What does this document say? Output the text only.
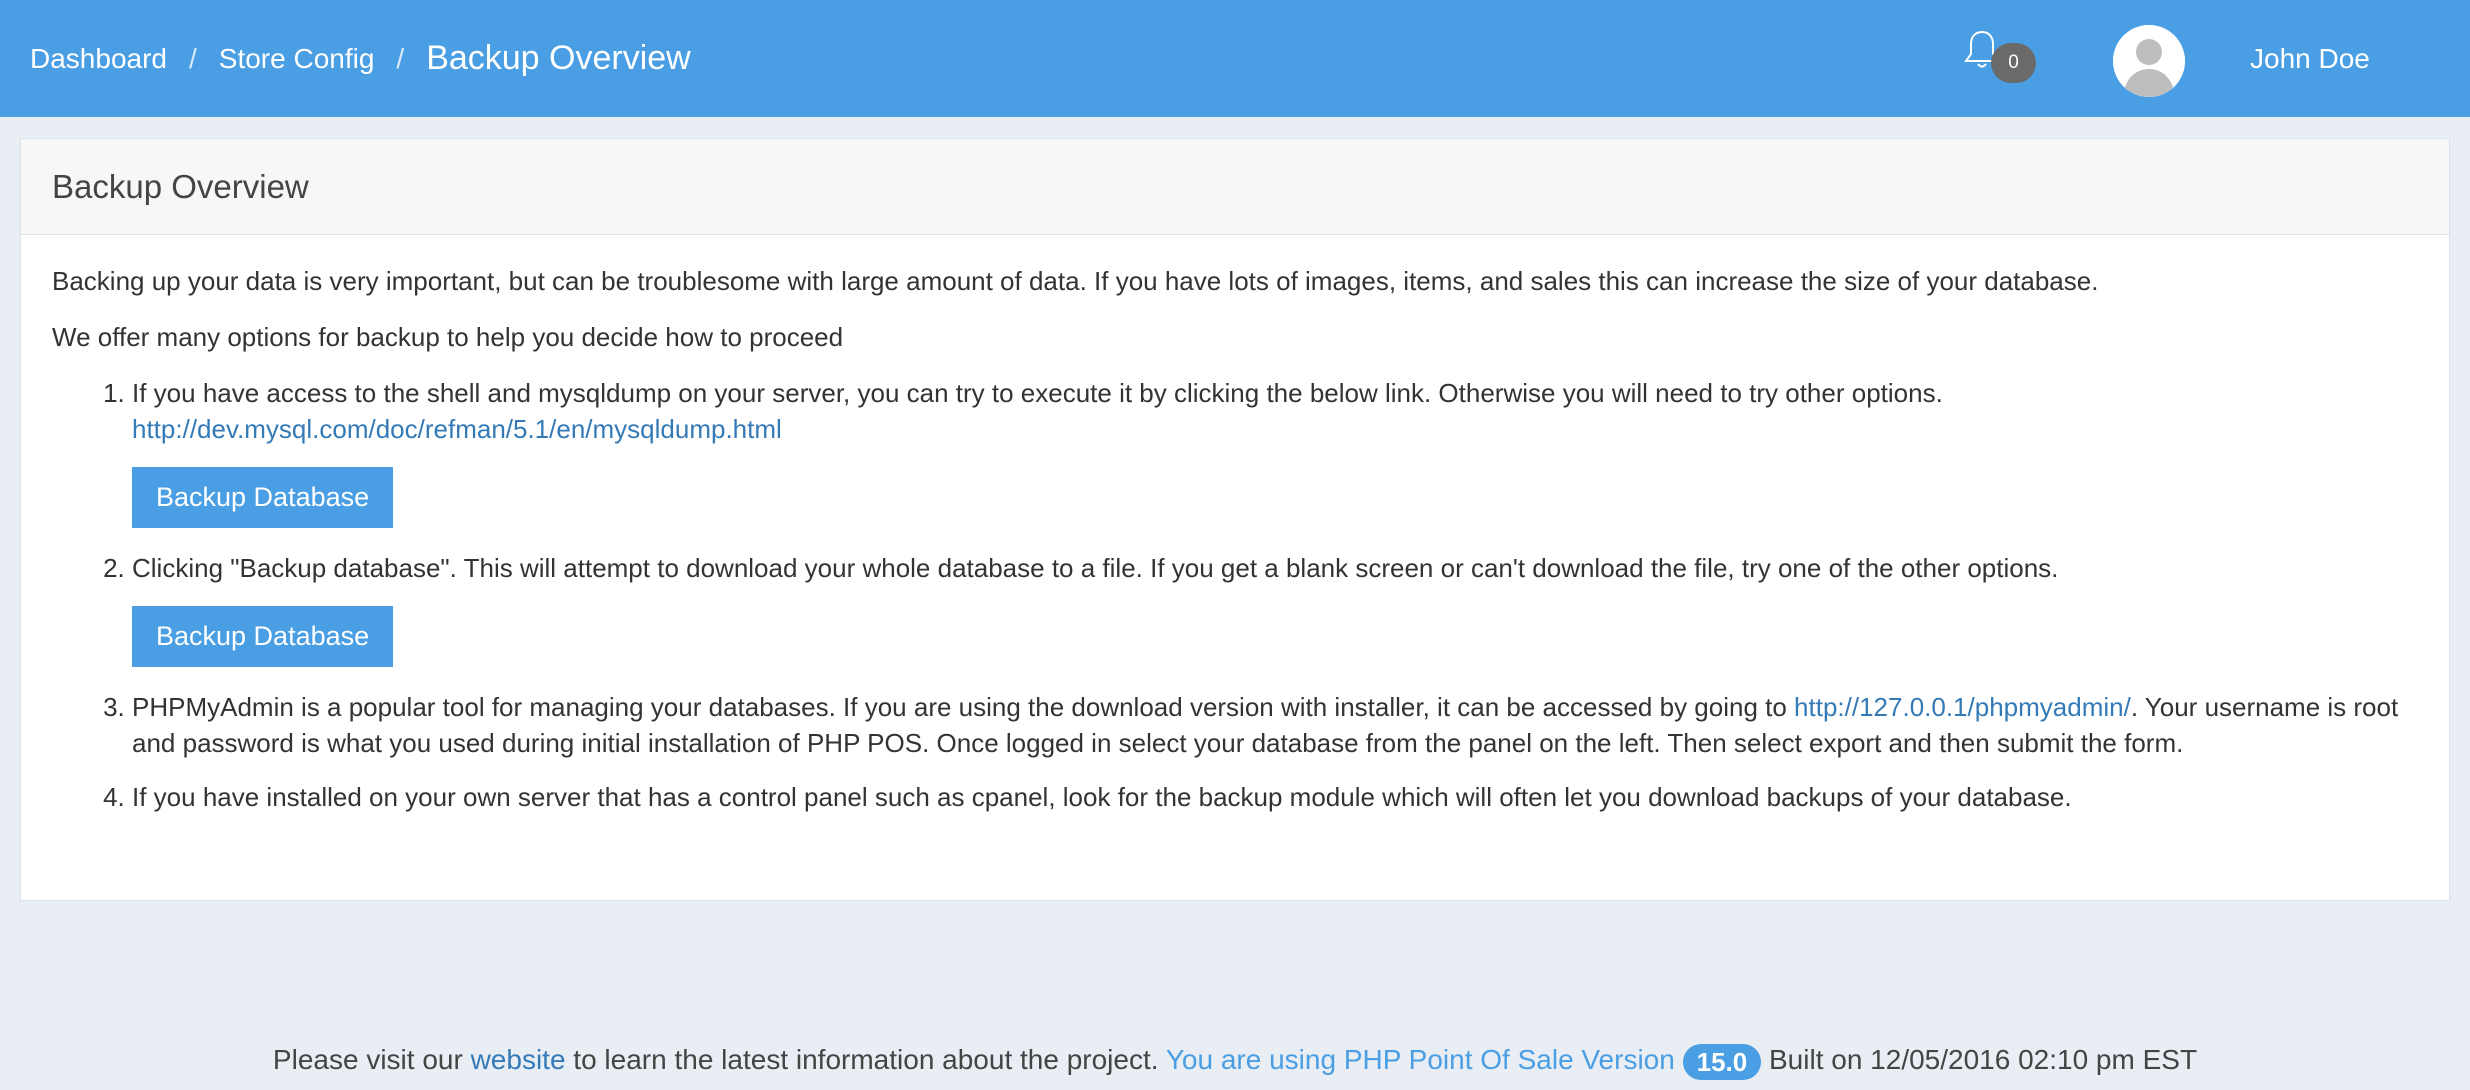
Dashboard / Store Config / Backup Overview	0	John Doe
Backup Overview

Backing up your data is very important, but can be troublesome with large amount of data. If you have lots of images, items, and sales this can increase the size of your database.

We offer many options for backup to help you decide how to proceed

1. If you have access to the shell and mysqldump on your server, you can try to execute it by clicking the below link. Otherwise you will need to try other options.
http://dev.mysql.com/doc/refman/5.1/en/mysqldump.html
Backup Database
2. Clicking "Backup database". This will attempt to download your whole database to a file. If you get a blank screen or can't download the file, try one of the other options.
Backup Database
3. PHPMyAdmin is a popular tool for managing your databases. If you are using the download version with installer, it can be accessed by going to http://127.0.0.1/phpmyadmin/. Your username is root and password is what you used during initial installation of PHP POS. Once logged in select your database from the panel on the left. Then select export and then submit the form.
4. If you have installed on your own server that has a control panel such as cpanel, look for the backup module which will often let you download backups of your database.
Please visit our website to learn the latest information about the project. You are using PHP Point Of Sale Version 15.0 Built on 12/05/2016 02:10 pm EST
